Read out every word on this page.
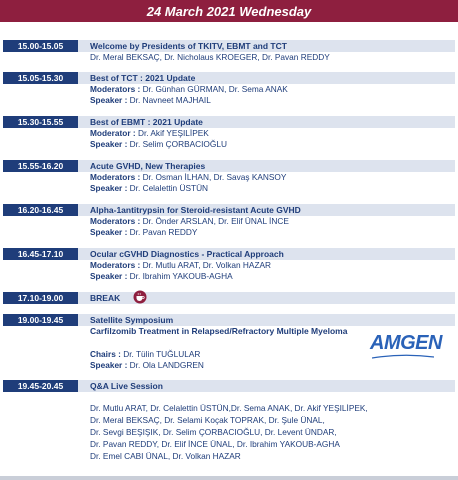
24 March 2021 Wednesday
15.00-15.05	Welcome by Presidents of TKITV, EBMT and TCT
Dr. Meral BEKSAÇ, Dr. Nicholaus KROEGER, Dr. Pavan REDDY
15.05-15.30	Best of TCT : 2021 Update
Moderators : Dr. Günhan GÜRMAN, Dr. Sema ANAK
Speaker : Dr. Navneet MAJHAIL
15.30-15.55	Best of EBMT : 2021 Update
Moderator : Dr. Akif YEŞILİPEK
Speaker : Dr. Selim ÇORBACIOĞLU
15.55-16.20	Acute GVHD, New Therapies
Moderators : Dr. Osman İLHAN, Dr. Savaş KANSOY
Speaker : Dr. Celalettin ÜSTÜN
16.20-16.45	Alpha-1antitrypsin for Steroid-resistant Acute GVHD
Moderators : Dr. Önder ARSLAN, Dr. Elif ÜNAL İNCE
Speaker : Dr. Pavan REDDY
16.45-17.10	Ocular cGVHD Diagnostics - Practical Approach
Moderators : Dr. Mutlu ARAT, Dr. Volkan HAZAR
Speaker : Dr. Ibrahim YAKOUB-AGHA
17.10-19.00	BREAK
19.00-19.45	Satellite Symposium
Carfilzomib Treatment in Relapsed/Refractory Multiple Myeloma
Chairs : Dr. Tülin TUĞLULAR
Speaker : Dr. Ola LANDGREN
AMGEN
19.45-20.45	Q&A Live Session
Dr. Mutlu ARAT, Dr. Celalettin ÜSTÜN,Dr. Sema ANAK, Dr. Akif YEŞILİPEK,
Dr. Meral BEKSAÇ, Dr. Selami Koçak TOPRAK, Dr. Şule ÜNAL,
Dr. Sevgi BEŞIŞIK, Dr. Selim ÇORBACIOĞLU, Dr. Levent ÜNDAR,
Dr. Pavan REDDY, Dr. Elif İNCE ÜNAL, Dr. Ibrahim YAKOUB-AGHA
Dr. Emel CABI ÜNAL, Dr. Volkan HAZAR
